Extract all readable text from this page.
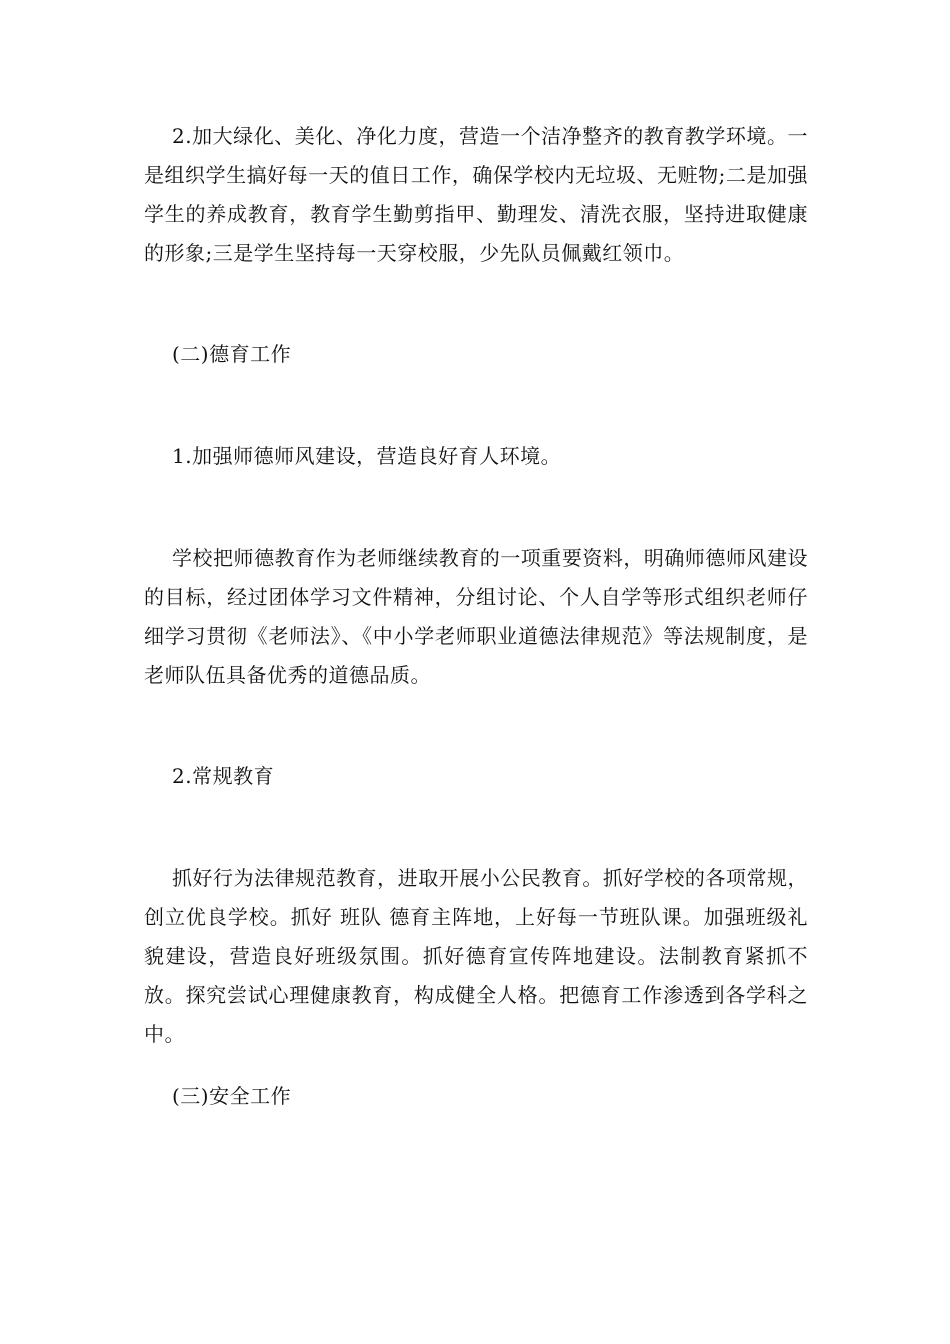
2.加大绿化、美化、净化力度，营造一个洁净整齐的教育教学环境。一是组织学生搞好每一天的值日工作，确保学校内无垃圾、无赃物;二是加强学生的养成教育，教育学生勤剪指甲、勤理发、清洗衣服，坚持进取健康的形象;三是学生坚持每一天穿校服，少先队员佩戴红领巾。

(二)德育工作

1.加强师德师风建设，营造良好育人环境。

学校把师德教育作为老师继续教育的一项重要资料，明确师德师风建设的目标，经过团体学习文件精神，分组讨论、个人自学等形式组织老师仔细学习贯彻《老师法》、《中小学老师职业道德法律规范》等法规制度，是老师队伍具备优秀的道德品质。

2.常规教育

抓好行为法律规范教育，进取开展小公民教育。抓好学校的各项常规，创立优良学校。抓好 班队 德育主阵地，上好每一节班队课。加强班级礼貌建设，营造良好班级氛围。抓好德育宣传阵地建设。法制教育紧抓不放。探究尝试心理健康教育，构成健全人格。把德育工作渗透到各学科之中。

(三)安全工作
